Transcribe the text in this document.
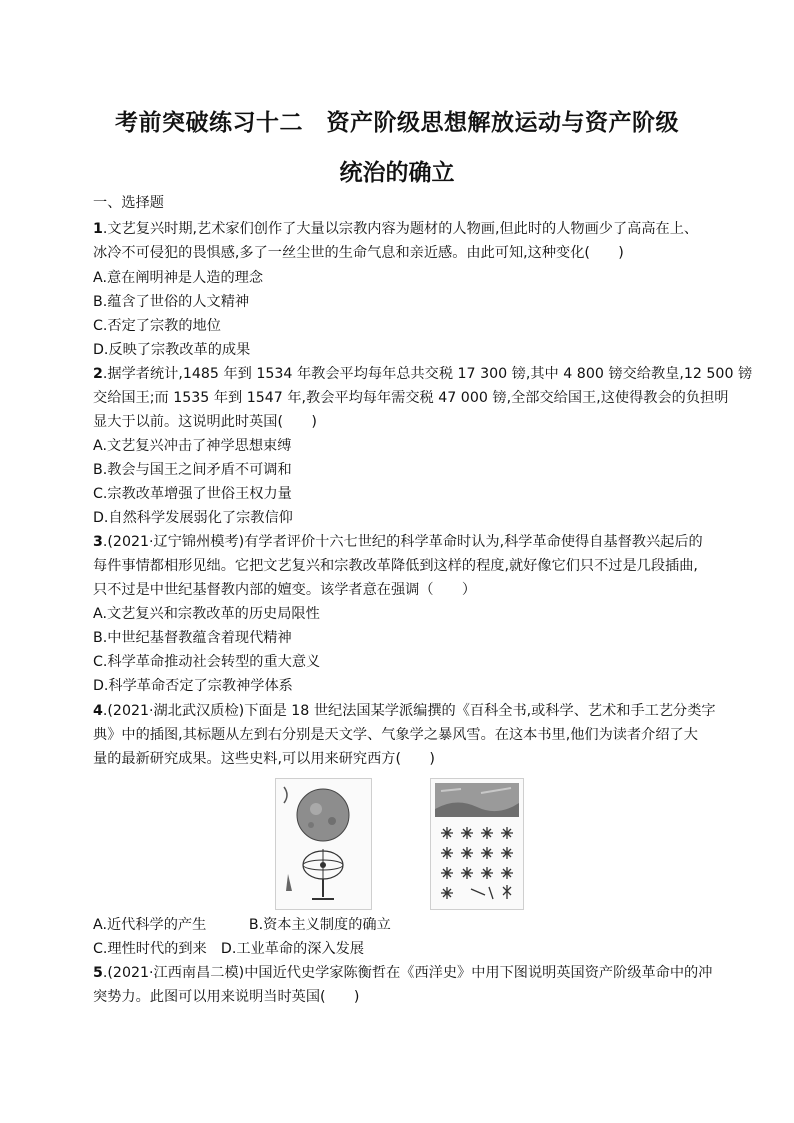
考前突破练习十二　资产阶级思想解放运动与资产阶级
统治的确立
一、选择题
1.文艺复兴时期,艺术家们创作了大量以宗教内容为题材的人物画,但此时的人物画少了高高在上、
冰冷不可侵犯的畏惧感,多了一丝尘世的生命气息和亲近感。由此可知,这种变化(　　)
A.意在阐明神是人造的理念
B.蕴含了世俗的人文精神
C.否定了宗教的地位
D.反映了宗教改革的成果
2.据学者统计,1485 年到 1534 年教会平均每年总共交税 17 300 镑,其中 4 800 镑交给教皇,12 500 镑
交给国王;而 1535 年到 1547 年,教会平均每年需交税 47 000 镑,全部交给国王,这使得教会的负担明
显大于以前。这说明此时英国(　　)
A.文艺复兴冲击了神学思想束缚
B.教会与国王之间矛盾不可调和
C.宗教改革增强了世俗王权力量
D.自然科学发展弱化了宗教信仰
3.(2021·辽宁锦州模考)有学者评价十六七世纪的科学革命时认为,科学革命使得自基督教兴起后的
每件事情都相形见绌。它把文艺复兴和宗教改革降低到这样的程度,就好像它们只不过是几段插曲,
只不过是中世纪基督教内部的嬗变。该学者意在强调（　　）
A.文艺复兴和宗教改革的历史局限性
B.中世纪基督教蕴含着现代精神
C.科学革命推动社会转型的重大意义
D.科学革命否定了宗教神学体系
4.(2021·湖北武汉质检)下面是 18 世纪法国某学派编撰的《百科全书,或科学、艺术和手工艺分类字
典》中的插图,其标题从左到右分别是天文学、气象学之暴风雪。在这本书里,他们为读者介绍了大
量的最新研究成果。这些史料,可以用来研究西方(　　)
A.近代科学的产生　　　B.资本主义制度的确立
C.理性时代的到来　D.工业革命的深入发展
5.(2021·江西南昌二模)中国近代史学家陈衡哲在《西洋史》中用下图说明英国资产阶级革命中的冲
突势力。此图可以用来说明当时英国(　　)
